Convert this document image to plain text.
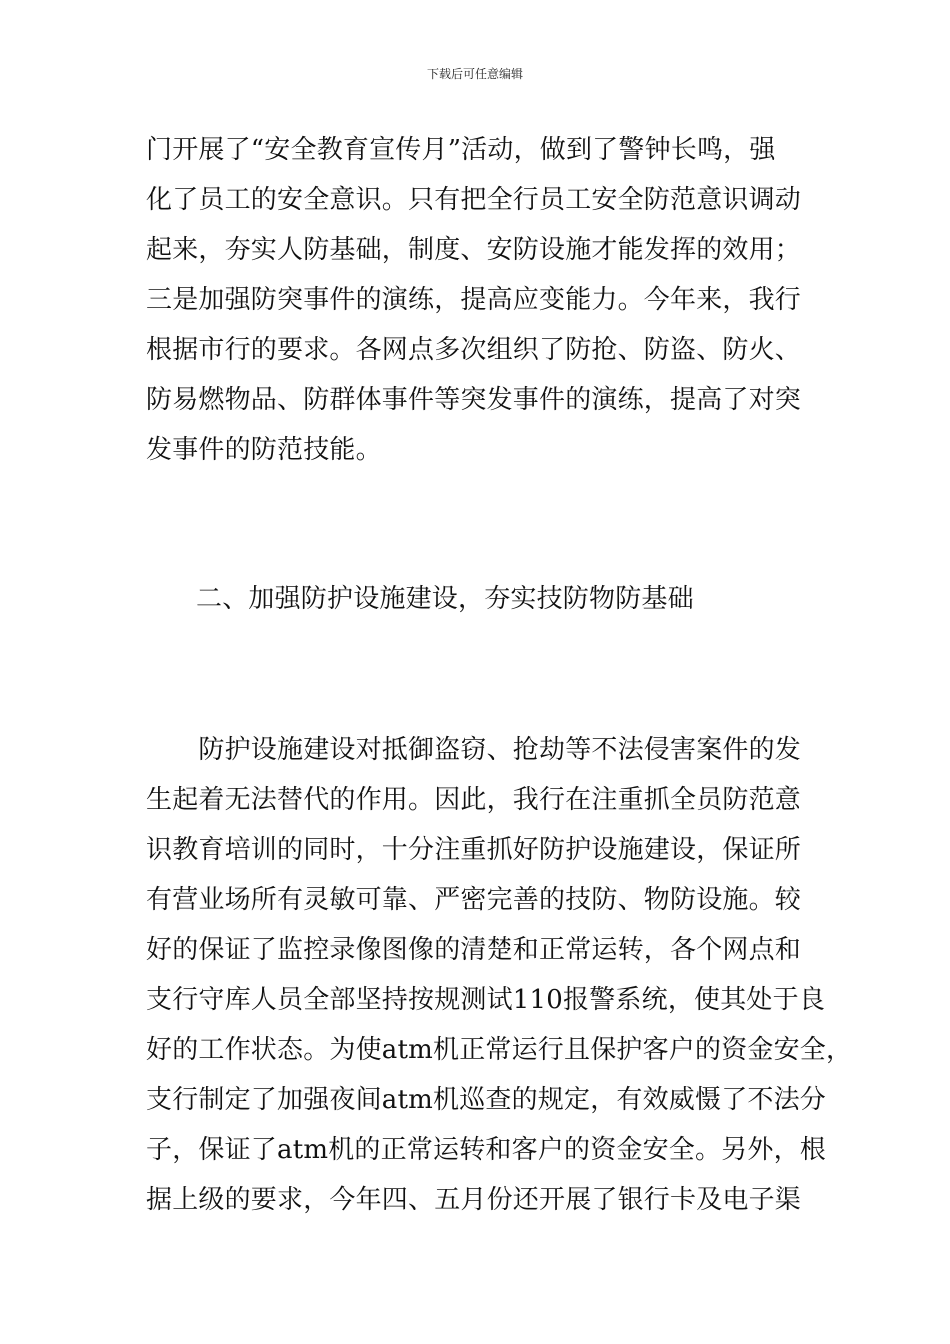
下载后可任意编辑
门开展了“安全教育宣传月”活动，做到了警钟长鸣，强
化了员工的安全意识。只有把全行员工安全防范意识调动
起来，夯实人防基础，制度、安防设施才能发挥的效用；
三是加强防突事件的演练，提高应变能力。今年来，我行
根据市行的要求。各网点多次组织了防抢、防盗、防火、
防易燃物品、防群体事件等突发事件的演练，提高了对突
发事件的防范技能。
二、加强防护设施建设，夯实技防物防基础
　　防护设施建设对抵御盗窃、抢劫等不法侵害案件的发
生起着无法替代的作用。因此，我行在注重抓全员防范意
识教育培训的同时，十分注重抓好防护设施建设，保证所
有营业场所有灵敏可靠、严密完善的技防、物防设施。较
好的保证了监控录像图像的清楚和正常运转，各个网点和
支行守库人员全部坚持按规测试110报警系统，使其处于良
好的工作状态。为使atm机正常运行且保护客户的资金安全，
支行制定了加强夜间atm机巡查的规定，有效威慑了不法分
子，保证了atm机的正常运转和客户的资金安全。另外，根
据上级的要求，今年四、五月份还开展了银行卡及电子渠
